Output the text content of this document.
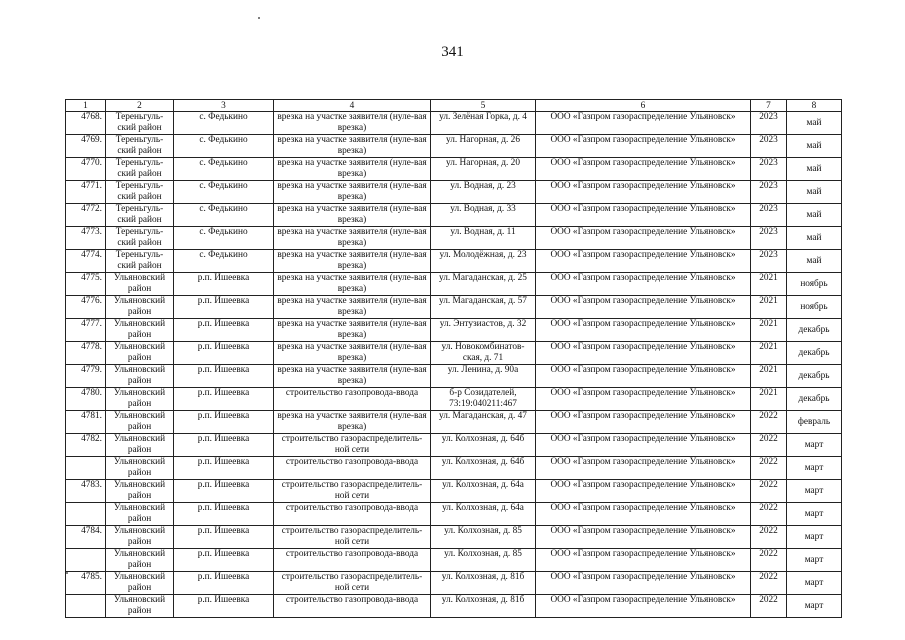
341
1	2	3	4	5	6	7	8
4768.	Тереньгуль-ский район	с. Федькино	врезка на участке заявителя (нуле-вая врезка)	ул. Зелёная Горка, д. 4	ООО «Газпром газораспределение Ульяновск»	2023	май
4769.	Тереньгуль-ский район	с. Федькино	врезка на участке заявителя (нуле-вая врезка)	ул. Нагорная, д. 26	ООО «Газпром газораспределение Ульяновск»	2023	май
4770.	Тереньгуль-ский район	с. Федькино	врезка на участке заявителя (нуле-вая врезка)	ул. Нагорная, д. 20	ООО «Газпром газораспределение Ульяновск»	2023	май
4771.	Тереньгуль-ский район	с. Федькино	врезка на участке заявителя (нуле-вая врезка)	ул. Водная, д. 23	ООО «Газпром газораспределение Ульяновск»	2023	май
4772.	Тереньгуль-ский район	с. Федькино	врезка на участке заявителя (нуле-вая врезка)	ул. Водная, д. 33	ООО «Газпром газораспределение Ульяновск»	2023	май
4773.	Тереньгуль-ский район	с. Федькино	врезка на участке заявителя (нуле-вая врезка)	ул. Водная, д. 11	ООО «Газпром газораспределение Ульяновск»	2023	май
4774.	Тереньгуль-ский район	с. Федькино	врезка на участке заявителя (нуле-вая врезка)	ул. Молодёжная, д. 23	ООО «Газпром газораспределение Ульяновск»	2023	май
4775.	Ульяновский район	р.п. Ишеевка	врезка на участке заявителя (нуле-вая врезка)	ул. Магаданская, д. 25	ООО «Газпром газораспределение Ульяновск»	2021	ноябрь
4776.	Ульяновский район	р.п. Ишеевка	врезка на участке заявителя (нуле-вая врезка)	ул. Магаданская, д. 57	ООО «Газпром газораспределение Ульяновск»	2021	ноябрь
4777.	Ульяновский район	р.п. Ишеевка	врезка на участке заявителя (нуле-вая врезка)	ул. Энтузиастов, д. 32	ООО «Газпром газораспределение Ульяновск»	2021	декабрь
4778.	Ульяновский район	р.п. Ишеевка	врезка на участке заявителя (нуле-вая врезка)	ул. Новокомбинатов-ская, д. 71	ООО «Газпром газораспределение Ульяновск»	2021	декабрь
4779.	Ульяновский район	р.п. Ишеевка	врезка на участке заявителя (нуле-вая врезка)	ул. Ленина, д. 90а	ООО «Газпром газораспределение Ульяновск»	2021	декабрь
4780.	Ульяновский район	р.п. Ишеевка	строительство газопровода-ввода	б-р Созидателей, 73:19:040211:467	ООО «Газпром газораспределение Ульяновск»	2021	декабрь
4781.	Ульяновский район	р.п. Ишеевка	врезка на участке заявителя (нуле-вая врезка)	ул. Магаданская, д. 47	ООО «Газпром газораспределение Ульяновск»	2022	февраль
4782.	Ульяновский район	р.п. Ишеевка	строительство газораспределитель-ной сети	ул. Колхозная, д. 64б	ООО «Газпром газораспределение Ульяновск»	2022	март
	Ульяновский район	р.п. Ишеевка	строительство газопровода-ввода	ул. Колхозная, д. 64б	ООО «Газпром газораспределение Ульяновск»	2022	март
4783.	Ульяновский район	р.п. Ишеевка	строительство газораспределитель-ной сети	ул. Колхозная, д. 64а	ООО «Газпром газораспределение Ульяновск»	2022	март
	Ульяновский район	р.п. Ишеевка	строительство газопровода-ввода	ул. Колхозная, д. 64а	ООО «Газпром газораспределение Ульяновск»	2022	март
4784.	Ульяновский район	р.п. Ишеевка	строительство газораспределитель-ной сети	ул. Колхозная, д. 85	ООО «Газпром газораспределение Ульяновск»	2022	март
	Ульяновский район	р.п. Ишеевка	строительство газопровода-ввода	ул. Колхозная, д. 85	ООО «Газпром газораспределение Ульяновск»	2022	март
4785.	Ульяновский район	р.п. Ишеевка	строительство газораспределитель-ной сети	ул. Колхозная, д. 81б	ООО «Газпром газораспределение Ульяновск»	2022	март
	Ульяновский район	р.п. Ишеевка	строительство газопровода-ввода	ул. Колхозная, д. 81б	ООО «Газпром газораспределение Ульяновск»	2022	март
